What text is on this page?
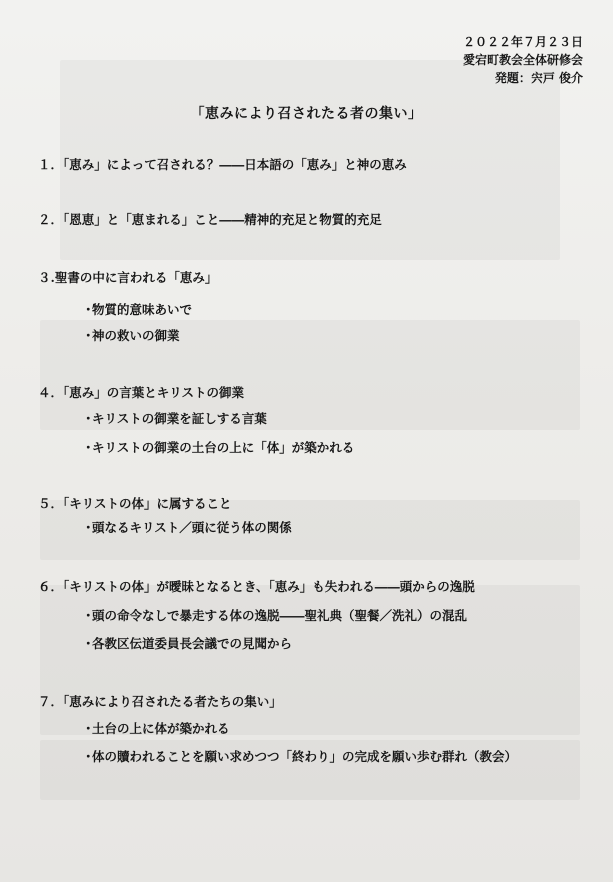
２０２２年７月２３日
愛宕町教会全体研修会
発題：宍戸 俊介
「恵みにより召されたる者の集い」
１．「恵み」によって召される？――日本語の「恵み」と神の恵み
２．「恩恵」と「恵まれる」こと――精神的充足と物質的充足
３.聖書の中に言われる「恵み」
・物質的意味あいで
・神の救いの御業
４．「恵み」の言葉とキリストの御業
・キリストの御業を証しする言葉
・キリストの御業の土台の上に「体」が築かれる
５．「キリストの体」に属すること
・頭なるキリスト／頭に従う体の関係
６．「キリストの体」が曖昧となるとき、「恵み」も失われる――頭からの逸脱
・頭の命令なしで暴走する体の逸脱――聖礼典（聖餐／洗礼）の混乱
・各教区伝道委員長会議での見聞から
７．「恵みにより召されたる者たちの集い」
・土台の上に体が築かれる
・体の贖われることを願い求めつつ「終わり」の完成を願い歩む群れ（教会）
